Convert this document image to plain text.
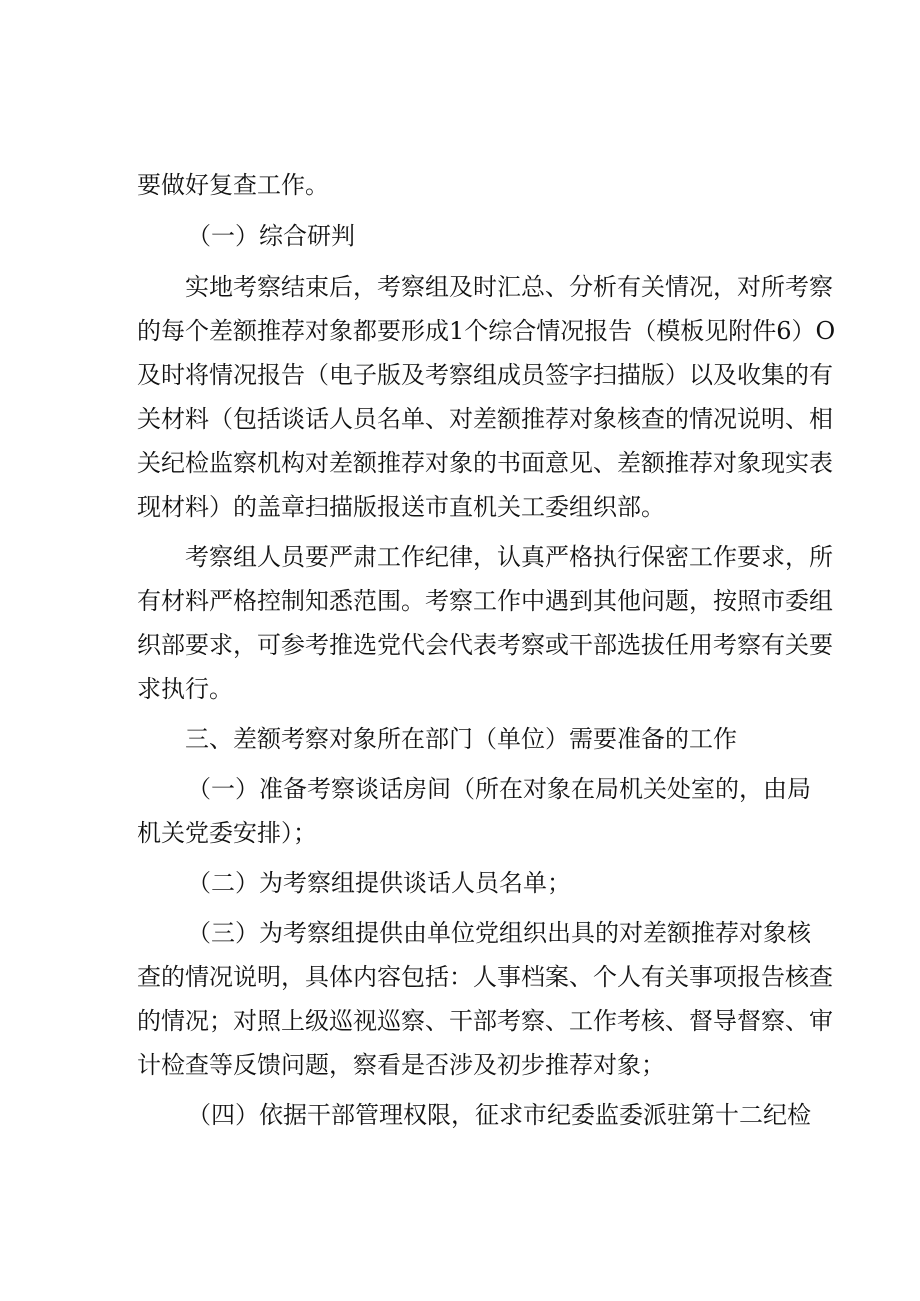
要做好复查工作。
（一）综合研判
实地考察结束后，考察组及时汇总、分析有关情况，对所考察
的每个差额推荐对象都要形成1个综合情况报告（模板见附件6）O
及时将情况报告（电子版及考察组成员签字扫描版）以及收集的有
关材料（包括谈话人员名单、对差额推荐对象核查的情况说明、相
关纪检监察机构对差额推荐对象的书面意见、差额推荐对象现实表
现材料）的盖章扫描版报送市直机关工委组织部。
考察组人员要严肃工作纪律，认真严格执行保密工作要求，所
有材料严格控制知悉范围。考察工作中遇到其他问题，按照市委组
织部要求，可参考推选党代会代表考察或干部选拔任用考察有关要
求执行。
三、差额考察对象所在部门（单位）需要准备的工作
（一）准备考察谈话房间（所在对象在局机关处室的，由局
机关党委安排）；
（二）为考察组提供谈话人员名单；
（三）为考察组提供由单位党组织出具的对差额推荐对象核
查的情况说明，具体内容包括：人事档案、个人有关事项报告核查
的情况；对照上级巡视巡察、干部考察、工作考核、督导督察、审
计检查等反馈问题，察看是否涉及初步推荐对象；
（四）依据干部管理权限，征求市纪委监委派驻第十二纪检
